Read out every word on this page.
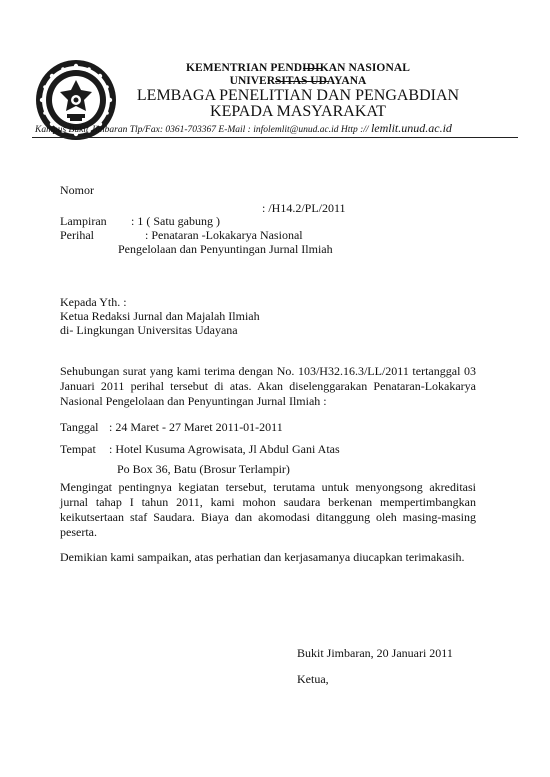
KEMENTRIAN PENDIDIKAN NASIONAL
UNIVERSITAS UDAYANA
LEMBAGA PENELITIAN DAN PENGABDIAN
KEPADA MASYARAKAT
Kampus Bukit Jimbaran Tlp/Fax: 0361-703367 E-Mail : infolemlit@unud.ac.id Http :// lemlit.unud.ac.id
Nomor
: /H14.2/PL/2011
Lampiran : 1 ( Satu gabung )
Perihal	: Penataran -Lokakarya Nasional
Pengelolaan dan Penyuntingan Jurnal Ilmiah
Kepada Yth. :
Ketua Redaksi Jurnal dan Majalah Ilmiah
di- Lingkungan Universitas Udayana
Sehubungan surat yang kami terima dengan No. 103/H32.16.3/LL/2011 tertanggal 03 Januari 2011 perihal tersebut di atas. Akan diselenggarakan Penataran-Lokakarya Nasional Pengelolaan dan Penyuntingan Jurnal Ilmiah :
Tanggal : 24 Maret - 27 Maret 2011-01-2011
Tempat : Hotel Kusuma Agrowisata, Jl Abdul Gani Atas
Po Box 36, Batu (Brosur Terlampir)
Mengingat pentingnya kegiatan tersebut, terutama untuk menyongsong akreditasi jurnal tahap I tahun 2011, kami mohon saudara berkenan mempertimbangkan keikutsertaan staf Saudara. Biaya dan akomodasi ditanggung oleh masing-masing peserta.
Demikian kami sampaikan, atas perhatian dan kerjasamanya diucapkan terimakasih.
Bukit Jimbaran, 20 Januari 2011
Ketua,
